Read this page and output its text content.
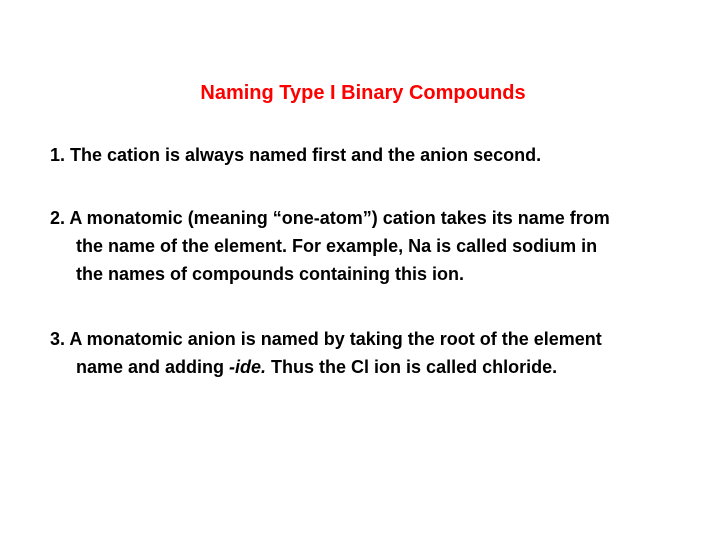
Naming Type I Binary Compounds
1. The cation is always named first and the anion second.
2. A monatomic (meaning “one-atom”) cation takes its name from
the name of the element. For example, Na is called sodium in
the names of compounds containing this ion.
3. A monatomic anion is named by taking the root of the element
name and adding -ide. Thus the Cl ion is called chloride.
